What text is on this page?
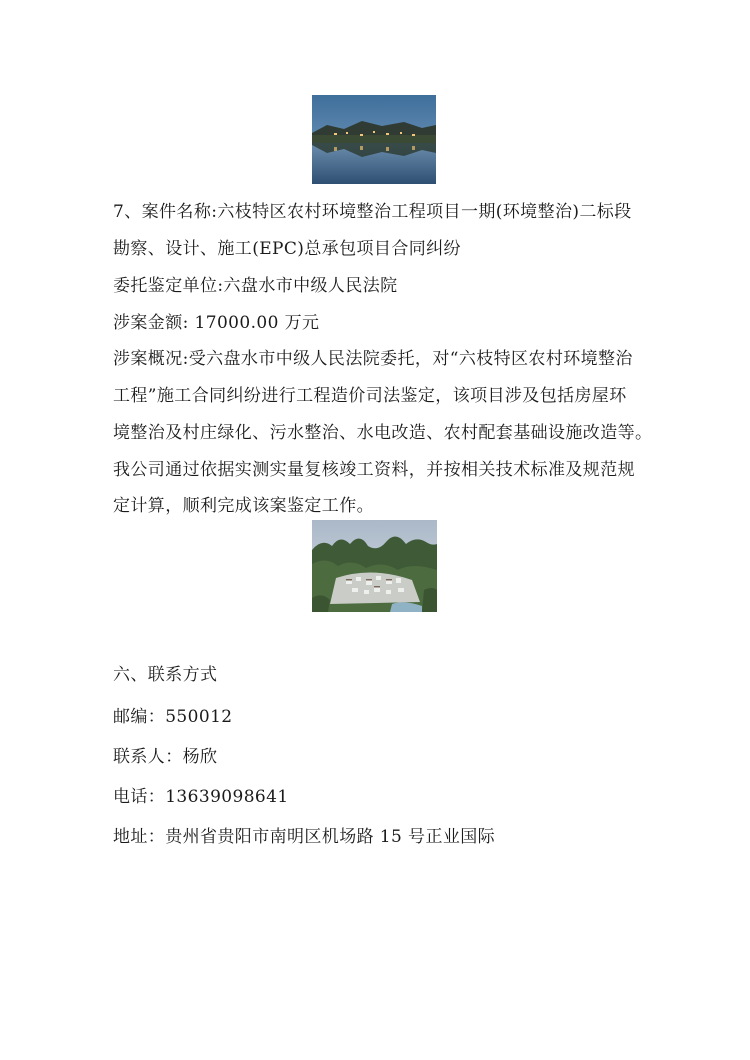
7、案件名称:六枝特区农村环境整治工程项目一期(环境整治)二标段
勘察、设计、施工(EPC)总承包项目合同纠纷
委托鉴定单位:六盘水市中级人民法院
涉案金额: 17000.00 万元
涉案概况:受六盘水市中级人民法院委托，对“六枝特区农村环境整治
工程”施工合同纠纷进行工程造价司法鉴定，该项目涉及包括房屋环
境整治及村庄绿化、污水整治、水电改造、农村配套基础设施改造等。
我公司通过依据实测实量复核竣工资料，并按相关技术标准及规范规
定计算，顺利完成该案鉴定工作。
六、联系方式
邮编：550012
联系人：杨欣
电话：13639098641
地址：贵州省贵阳市南明区机场路 15 号正业国际
